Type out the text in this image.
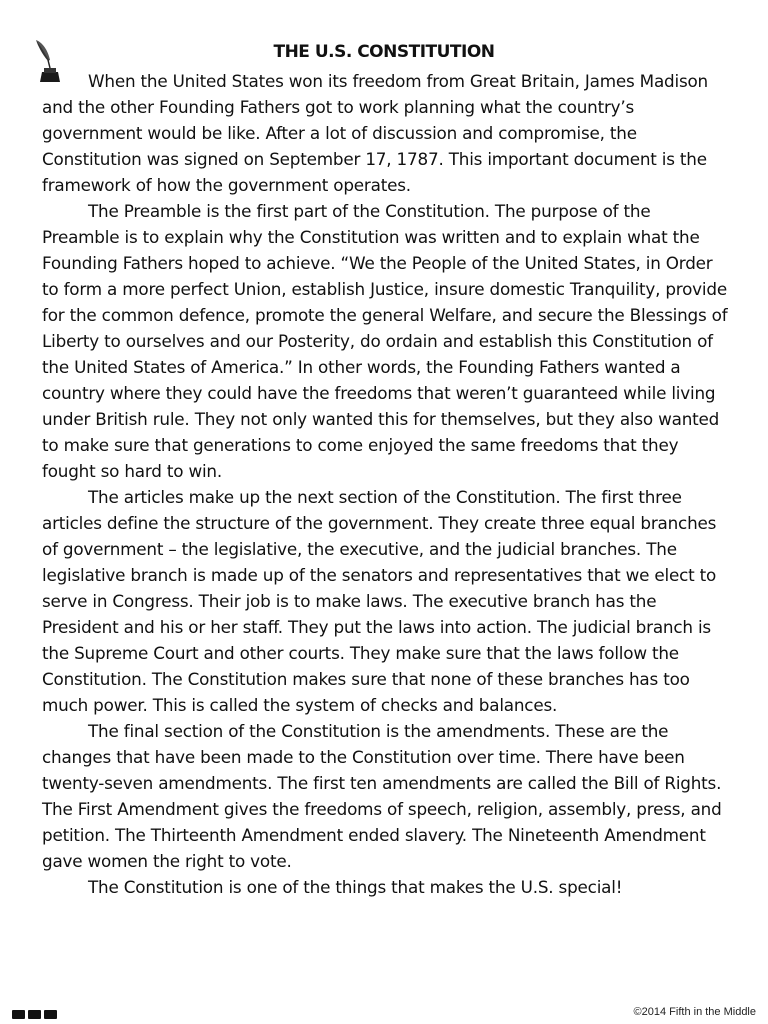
THE U.S. CONSTITUTION

When the United States won its freedom from Great Britain, James Madison and the other Founding Fathers got to work planning what the country’s government would be like. After a lot of discussion and compromise, the Constitution was signed on September 17, 1787. This important document is the framework of how the government operates.

The Preamble is the first part of the Constitution. The purpose of the Preamble is to explain why the Constitution was written and to explain what the Founding Fathers hoped to achieve. “We the People of the United States, in Order to form a more perfect Union, establish Justice, insure domestic Tranquility, provide for the common defence, promote the general Welfare, and secure the Blessings of Liberty to ourselves and our Posterity, do ordain and establish this Constitution of the United States of America.” In other words, the Founding Fathers wanted a country where they could have the freedoms that weren’t guaranteed while living under British rule. They not only wanted this for themselves, but they also wanted to make sure that generations to come enjoyed the same freedoms that they fought so hard to win.

The articles make up the next section of the Constitution. The first three articles define the structure of the government. They create three equal branches of government – the legislative, the executive, and the judicial branches. The legislative branch is made up of the senators and representatives that we elect to serve in Congress. Their job is to make laws. The executive branch has the President and his or her staff. They put the laws into action. The judicial branch is the Supreme Court and other courts. They make sure that the laws follow the Constitution. The Constitution makes sure that none of these branches has too much power. This is called the system of checks and balances.

The final section of the Constitution is the amendments. These are the changes that have been made to the Constitution over time. There have been twenty-seven amendments. The first ten amendments are called the Bill of Rights. The First Amendment gives the freedoms of speech, religion, assembly, press, and petition. The Thirteenth Amendment ended slavery. The Nineteenth Amendment gave women the right to vote.

The Constitution is one of the things that makes the U.S. special!

©2014 Fifth in the Middle
